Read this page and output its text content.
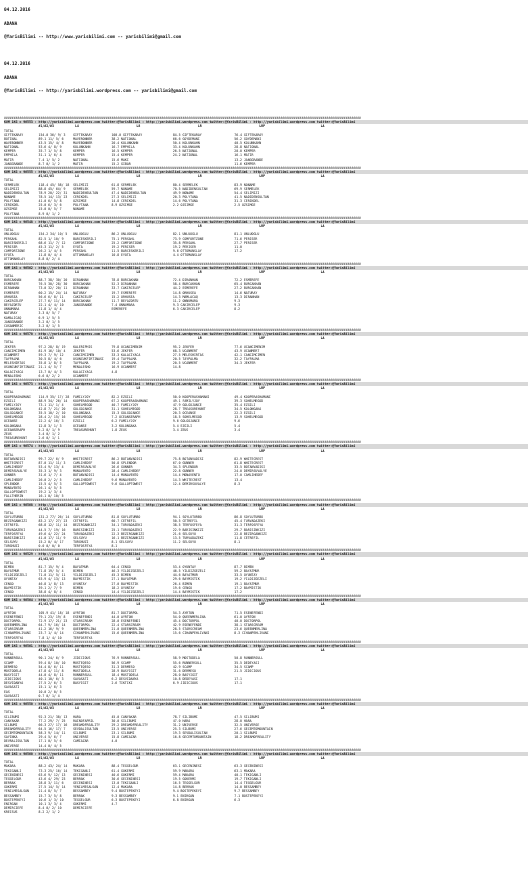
04.12.2016

ADANA

@YarisBilimi -- http://www.yarisbilimi.com -- yarisbilimi@gmail.com

04.12.2016

ADANA

@YarisBilimi -- http://yarisbilimi.wordpress.com -- yarisbilimi@gmail.com

##########################################################################################################################################################################################
KUM 1KG = 96553 : http://yarisbilimi.wordpress.com twitter:@YarisBilimi : http://yarisbilimi.wordpress.com twitter:@YarisBilimi : http://yarisbilimi.wordpress.com twitter:@YarisBilimi
#1/#2/#3           L4                              L8                              LR                              LRP                             LA
TOTAL
GIFTEKARAY        154.0 36/ 9/ 3    GIFTEKARAY          100.0 GIFTEKARAY                84.5 GIFTEKARAY                 76.4 GIFTEKARAY
BOTINAL           89.1 11/ 5/ 6     MAVERONNER          38.2 NATIONAL                   66.6 GOYDEMANI                  56.2 GOYDEMANI
WAVEBONNER        43.5 15/ 4/ 8     MAVEBONNER          20.4 KOLUNKAHN                  50.4 KOLUNKAHN                  40.5 KOLUNKAHN
NATIONAL          53.6 4/ 8/ 9      KOLUNKAHN           16.7 EMPHILA                    33.4 KOLUNKAHN                  28.8 NATIONAL
KEMPER            35.7 1/ 5/ 8      KEMPER              16.5 KEMPER                     26.5 NATIONAL                   20.0 KEMPER
EMPHILA           31.1 1/ 6/ 4      KEMPER              15.4 KEMPER                     24.2 NATIONAL                   16.1 MATIR
MATIR             7.4 1/ 5/ 2       NATIONAL            15.6 MAKI                                                       13.2 JANGGRANDE
JANGGRANDE        8.7 0/ 1/ 2       MATIR               15.2 GIBAR                                                      11.6 KEMPER
##########################################################################################################################################################################################
KUM 1KG = 96555 : http://yarisbilimi.wordpress.com twitter:@YarisBilimi : http://yarisbilimi.wordpress.com twitter:@YarisBilimi : http://yarisbilimi.wordpress.com twitter:@YarisBilimi
#1/#2/#3           L4                              L8                              LR                              LRP                             LA
TOTAL
SERMELEK          118.4 45/ 58/ 18  SELIMIZI            61.8 SERMELEK                   80.4 SERMELEK                   83.9 NONAME
SELIMIZI          88.8 45/ 64/ 9    SERMELEK            59.7 NONAME                     70.5 NADIDENSULTAN              69.9 SERMELEK
NADIDENSULTAN     78.9 20/ 22/ 31   NADIDENSULTAN       47.4 NADIDENSULTAN              49.9 NONAME                     54.4 SELIMIZI
NONAME            78.5 14/ 13/ 23   CERIKDEL            27.3 SELIMIZI                   20.3 POLYTANA                   41.5 NADIDENSULTAN
POLYTANA          41.0 6/ 5/ 8      OZSIMGE             14.8 CERIKDEL                   14.6 POLYTANA                   31.3 CERIKDEL
CERIKDEL          25.0 6/ 3/ 6      POLYTANA            8.9 OZSIMGE                     2.2 OZSIMGE                     2.5 OZSIMGE
OZSIMGE           15.0 0/ 5/ 7      NONAME
POLYTANA          8.9 0/ 1/ 2
##########################################################################################################################################################################################
KUM 1KG = 96548 : http://yarisbilimi.wordpress.com twitter:@YarisBilimi : http://yarisbilimi.wordpress.com twitter:@YarisBilimi : http://yarisbilimi.wordpress.com twitter:@YarisBilimi
#1/#2/#3           L4                              L8                              LR                              LRP                             LA
TOTAL
UNLUOGLU          154.2 34/ 10/ 5   UNLUOGLU            86.2 UNLUOGLU                   82.1 UNLUOGLU                   81.1 UNLUOGLU
PERSAHL           82.5 1/ 10/ 9     BARCESKERILI        75.1 PERSAHL                    73.9 COMFORTZONE                71.6 PERISER
BARCESKERILI      68.6 11/ 7/ 12    COMFORTZONE         25.2 COMFORTZONE                35.8 PERSAHL                    27.7 PERISER
PERISER           45.3 11/ 2/ 5     EYOTA               19.2 PERISER                    19.2 PERISER                    11.0
COMFORTZONE       26.2 1/ 4/ 5      PERSAHL             11.5 BARCESKERILI               9.6 OTTOMANSLAY                 17.2
EYOTA             11.8 0/ 4/ 4      OTTOMANSLAY         10.8 EYOTA                      4.4 OTTOMANSLAY
OTTOMANSLAY       8.8 0/ 2/ 4
##########################################################################################################################################################################################
KUM 1KG = 96562 : http://yarisbilimi.wordpress.com twitter:@YarisBilimi : http://yarisbilimi.wordpress.com twitter:@YarisBilimi : http://yarisbilimi.wordpress.com twitter:@YarisBilimi
#1/#2/#3           L4                              L8                              LR                              LRP                             LA
TOTAL
BURCAKHAN         88.7 38/ 30/ 20   DIRANHAN            78.8 BURCAKHAN                  72.4 DIRANHAN                   72.2 ESMEREFE
ESMEREFE          76.5 30/ 28/ 30   BURCAKHAN           52.3 DIRANHAN                   58.4 BURCAKHAN                  65.4 BURCAKHAN
DIRANHAN          73.0 32/ 20/ 11   DIRANHAN            33.7 CAKIRCELEP                 44.2 ESMEREFE                   27.2 BURCAKHAN
ESMEREFE          60.2 15/ 24/ 14   NATURAY             19.7 ESMEREFE                   14.8 ORHUSEA                    14.6 NATURAY
ORHUSEA           56.6 6/ 8/ 11     CAKIRCELEP          15.2 ORHUSEA                    14.3 MAMLACAQ                   13.3 DIRANHAN
CAKIRCELEP        27.7 6/ 11/ 14    BURCAKHAN           11.7 BEYAZORTU                  11.2 ONNUMARA                   9.3
BEYAZORTU         22.1 4/ 4/ 10     JANGGRANDE          7.4 ONNUMARA                    9.3 CAKIRCELEP                  9.3
ONNUMARA          11.8 1/ 4/ 4                          ESMEREFE                        6.3 CAKIRCELEP                  8.2
NATURAY           3.3 0/ 5/ 7
KAMALICAQ         6.9 1/ 5/ 5
JANGGRANDE        3.2 0/ 1/ 5
CUSANMERIC        3.2 0/ 1/ 5
##########################################################################################################################################################################################
KUM 1KG = 96570 : http://yarisbilimi.wordpress.com twitter:@YarisBilimi : http://yarisbilimi.wordpress.com twitter:@YarisBilimi : http://yarisbilimi.wordpress.com twitter:@YarisBilimi
#1/#2/#3           L4                              L8                              LR                              LRP                             LA
TOTAL
JEKFER            97.2 28/ 8/ 19    KALERIPHIS          79.8 UCANCIMENIM                95.2 JEKFER                     77.6 UCANCIMENIM
CANCIMCIMEN       81.9 16/ 10/ 4    JEKFER              53.6 JEKFER                     68.3 UCANMERT                   43.9 UCANMERT
UCANMERT          59.3 7/ 9/ 12     CANCIMCIMEN         33.3 KALACIYACA                 27.5 MELESHIRTAS                42.1 CANCIMCIMEN
TAYPALMA          30.5 8/ 4/ 6      USUNCUKFIRTINASI    19.4 TAYPALMA                   20.5 TAYPALMA                   32.2 TAYPALMA
MELESHIRTAS       35.8 1/ 8/ 5      TAYPALMA            19.2 TAYPALMA                   20.5 UCANMERT                   34.3 JEKFER
USUNCUKFIRTINASI  21.1 4/ 5/ 7      MENALESHO           16.9 UCANMERT                   14.8
KALACIYACA        13.7 0/ 4/ 3      KALACIYACA          4.8
MENALESHO         6.6 0/ 2/ 2       UCANMERT
##########################################################################################################################################################################################
KUM 1KG = 96573 : http://yarisbilimi.wordpress.com twitter:@YarisBilimi : http://yarisbilimi.wordpress.com twitter:@YarisBilimi : http://yarisbilimi.wordpress.com twitter:@YarisBilimi
#1/#2/#3           L4                              L8                              LR                              LRP                             LA
TOTAL
KOOPERASHAMANI    114.9 35/ 17/ 28  FAMILYJOY           82.2 EZGILI                     50.0 KOOPERASHAMANI             49.4 KOOPERASHAMANI
EZGILI            88.9 34/ 26/ 14   KOOPERASHAMANI      67.2 KOOPERASHAMANI             49.1 FAMILYJOY                  39.3 SOHELMEGOD
FAMILYJOY         73.1 11/ 1/ 4     SOHELMEGOD          40.7 FAMILYJOY                  47.9 GOLGOJANCE                 35.4 EZGILI
KOLONGAKA         42.8 7/ 21/ 20    GOLGOJANCE          31.1 SOHELMEGOD                 28.7 TREASUREHUNT               34.5 KOLONGAKA
GOLGOJANCE        35.5 10/ 2/ 10    KOLONGAKA           15.3 GOLGOJANCE                 20.3 OCEANSE                    22.3 EZGILI
SOHELMEGOD        28.4 2/ 15/ 16    SOHELMEGOD          7.2 OCEANSERAPH                 18.5 SOHELMEGOD                 13.9 SOHELMEGOD
OCEANSE           22.2 4/ 16/ 3     EZGILI              6.2 FAMILYJOY                   9.6 GOLGOJANCE                  9.6
KOLONGAKA         12.8 3/ 1/ 3      OCEANSE             3.2 KOLONGAKA                   5.4 EZGILI                      5.4
OCEANSERAPH       5.2 0/ 1/ 9       TREASUREHUNT        1.8 ZEUS                        3.4 ZEUS                        3.4
ZEUS              3.4 0/ 1/ 2
TREASUREHUNT      2.6 0/ 1/ 1
##########################################################################################################################################################################################
KUM 1KG = 96574 : http://yarisbilimi.wordpress.com twitter:@YarisBilimi : http://yarisbilimi.wordpress.com twitter:@YarisBilimi : http://yarisbilimi.wordpress.com twitter:@YarisBilimi
#1/#2/#3           L4                              L8                              LR                              LRP                             LA
TOTAL
BOTANVADISI       99.7 22/ 6/ 9     WHITECREST          86.2 BOTANVADISI                75.8 BOTANVADISI                82.9 WHITECREST
WHITECREST        87.0 11/ 11/ 3    CAMLIHEDEF          50.8 SPLENDOR                   67.0 GUNNER                     61.8 WHITECREST
CAMLIHEDEF        53.4 9/ 13/ 4     DEMIRSUVALYE        26.6 GUNNER                     34.3 SPLENDOR                   33.5 BOTANVADISI
DEMIRSUVALYE      35.3 1/ 9/ 3      MONAVENTO           28.4 CAMLIHEDEF                 22.8 GUNNER                     24.0 DEMIRSUVALYE
GUNNER            31.6 1/ 7/ 4      BOTANVADISI         14.4 MONAVENTO                  14.4 MONAVENTO                  17.0 CAMLIHEDEF
CAMLIHEDEF        26.0 2/ 2/ 5      CAMLIHEDEF          9.6 MONAVENTO                   14.3 WHITECREST                 13.4
SPLENDOR          15.5 4/ 5/ 3      GALLOPTOWEST        9.6 GALLOPTOWEST                12.4 DEMIRSUVALYE               8.3
MONAVENTO         26.1 4/ 5/ 5
GALLOPTOWEST      19.2 1/ 3/ 4
FALLTHERIN        16.1 0/ 10/ 5
##########################################################################################################################################################################################
KUM 1KG = 96568 : http://yarisbilimi.wordpress.com twitter:@YarisBilimi : http://yarisbilimi.wordpress.com twitter:@YarisBilimi : http://yarisbilimi.wordpress.com twitter:@YarisBilimi
#1/#2/#3           L4                              L8                              LR                              LRP                             LA
TOTAL
SOYLUTURBO        131.2 77/ 26/ 14  SOYLUTURBO          81.8 SOYLUTURBO                 94.1 SOYLUTURBO                 86.8 SOYLUTURBO
BEZIRGANKIZI      83.2 17/ 27/ 23   CETREFIL            60.7 CETREFIL                   50.5 CETREFIL                   45.4 TURVADAZEKI
CETREFIL          68.8 12/ 11/ 14   BEZIRGANKIZI        34.1 TURVADAZEKI                38.5 TERFOSFEYA                 31.3 TERFOSFEYA
TURVADAZEKI       44.5 7/ 19/ 16    BARISINKIZI         25.1 TURVADAZEKI                22.9 BARISINKIZI                29.7 BARISINKIZI
TERFOSFEYA        49.6 4/ 22/ 24    TURVADAZEKI         22.3 BEZIRGANKIZI               21.6 SELSUYU                    22.8 BEZIRGANKIZI
BARISINKIZI       41.0 17/ 11/ 9    SELSUYU             16.1 BEZIRGANKIZI               13.5 TURVADAZEKI                11.8 CETREFIL
SELSUYU           15.2 0/ 4/ 17     TURGHUZI            8.1 SELSUYU                     11.2 SELSUYU                    8.1
TURGHUZI          0.0 0/ 0/ 0       TERFOSFEYA          8.1
##########################################################################################################################################################################################
KUM 1KG = 96529 : http://yarisbilimi.wordpress.com twitter:@YarisBilimi : http://yarisbilimi.wordpress.com twitter:@YarisBilimi : http://yarisbilimi.wordpress.com twitter:@YarisBilimi
#1/#2/#3           L4                              L8                              LR                              LRP                             LA
TOTAL
BIMEN             81.7 15/ 9/ 4     BAYATMUR            64.4 CENGO                      53.4 OYUNTAY                    87.7 BIMEN
BAYATMUR          71.8 19/ 5/ 4     BIMEN               46.3 YILDIZGEZELI               46.5 YILDIZGEZELI               59.2 BAYATMUR
YILDIZGEZELI      71.0 11/ 5/ 11    YILDIZGEZELI        45.3 BIMEN                      44.6 BAYATMUR                   33.5 OYUNTAY
OYUNTAY           63.9 4/ 13/ 13    BAYMISTIK           27.1 BAYATMUR                   29.6 BAYMISTIK                  19.2 YILDIZGEZELI
CENGO             46.8 1/ 8/ 13     OYUNTAY             27.0 BAYMISTIK                  26.4 BIMEN                      19.1 BAYATMUR
BAYMISTIK         39.1 2/ 7/ 9      BIMEN               18.2 OYUNTAY                    19.6 CENGO                      17.2 BAYMISTIK
CENGO             38.8 4/ 8/ 4      CENGO               14.4 YILDIZGEZELI               14.4 BAYMISTIK                  17.2
##########################################################################################################################################################################################
KUM 1KG = 96564 : http://yarisbilimi.wordpress.com twitter:@YarisBilimi : http://yarisbilimi.wordpress.com twitter:@YarisBilimi : http://yarisbilimi.wordpress.com twitter:@YarisBilimi
#1/#2/#3           L4                              L8                              LR                              LRP                             LA
TOTAL
AYRTON            105.9 41/ 18/ 18  AYRTON              81.7 DOCTORPOL                  54.3 AYRTON                     71.5 ESENEFENDI
ESENEFENDI        79.1 23/ 19/ 8    ESENEFENDI          44.0 AYRTON                     54.0 QUEENMERLINA               61.0 AYRTON
DOCTORPOL         72.9 17/ 21/ 23   STARSCREAM          28.0 ESENEFENDI                 45.4 DOCTORPOL                  40.0 DOCTORPOL
QUEENMERLINA      64.7 9/ 16/ 14    DOCTORPOL           22.4 STARSCREAM                 42.9 ESENEFENDI                 38.1 STARSCREAM
STARSCREAM        41.2 16/ 9/ 9     QUEENMERLINA        21.0 QUEENMERLINA               28.5 STARSCREAM                 23.6 QUEENMERLINA
CIHANPEHLIVANI    23.7 1/ 4/ 14     CIHANPEHLIVANI      15.6 QUEENMERLINA               15.6 CIHANPEHLIVANI             8.3 CIHANPEHLIVANI
TERFOSFEYA        7.8 1/ 4/ 10      TERFOSFEYA
##########################################################################################################################################################################################
KUM 1KG = 96561 : http://yarisbilimi.wordpress.com twitter:@YarisBilimi : http://yarisbilimi.wordpress.com twitter:@YarisBilimi : http://yarisbilimi.wordpress.com twitter:@YarisBilimi
#1/#2/#3           L4                              L8                              LR                              LRP                             LA
TOTAL
RUNNERSULL        90.1 24/ 6/ 9     JIDICIOUS           76.9 RUNNERSULL                 58.9 MOSTODELA                  50.8 RUNNERSULL
SCAMP             59.4 8/ 10/ 10    MUSTEQESO           56.9 SCAMP                      55.6 RUNNERSULL                 35.5 DEDEYASI
DERMESO           54.4 8/ 6/ 11     MUSTEQESO           31.3 DERMESO                    42.9 SCAMP                      34.5 SCAMP
MOSTODELA         47.8 4/ 11/ 8     MOSTODELA           28.9 BASYIGIT                   31.6 DERMESO                    21.5 JIDICIOUS
BASYIGIT          44.0 4/ 8/ 11     RUNNERSULL          18.4 MOSTODELA                  28.0 BASYIGIT
JIDICIOUS         40.1 10/ 6/ 3     SAVASATI            6.2 DESVIDANYA                  10.8 DEDEYASI                   17.1
DESVIDANYA        27.5 2/ 6/ 3      BASYIGIT            2.6 TIKTIKI                     6.9 JIDICIOUS                   17.1
SAVASATI          15.1 1/ 6/ 3
EAS               10.0 2/ 0/ 5
SAVASATI          0.7 0/ 1/ 4
##########################################################################################################################################################################################
KUM 1KG = 96550 : http://yarisbilimi.wordpress.com twitter:@YarisBilimi : http://yarisbilimi.wordpress.com twitter:@YarisBilimi : http://yarisbilimi.wordpress.com twitter:@YarisBilimi
#1/#2/#3           L4                              L8                              LR                              LRP                             LA
TOTAL
SILIBUMI          92.3 21/ 38/ 13   HARA                45.0 CANYAKAR                   78.7 SILIBUMI                   47.5 SILIBUMI
CANYAKAR          77.2 29/ 7/ 25    RAINOFAPRIL         30.0 SILIBUMI                   47.0 HARA                       28.0 HARA
SILBUMI           66.3 27/ 17/ 16   DREAMOFREALITY      29.2 DREAMOFREALITY             31.2 UNIVERSE                   32.5 UNIVERSE
DREAMOFREALITY    64.5 16/ 17/ 7    SEVDALISULTAN       23.5 UNIVERSE                   25.3 SILBUMI                    27.6 GECEMTOMOUNTAIN
GECEMTOMOUNTAIN   58.3 9/ 14/ 11    SILBUMI             23.1 SILBUMI                    19.3 SEVDALISULTAN              20.1 SILBUMI
SAYINKA           29.4 5/ 6/ 7      UNIVERSE            15.8 CAMIAZAR                   16.8 GECEMTOMOUNTAIN            18.2 DREAMOFREALITY
DEVRALISULTAN     17.1 0/ 5/ 6      CAMIAZAR            4.0
UNIVERSE          14.4 0/ 4/ 5
##########################################################################################################################################################################################
KUM 1KG = 96560 : http://yarisbilimi.wordpress.com twitter:@YarisBilimi : http://yarisbilimi.wordpress.com twitter:@YarisBilimi : http://yarisbilimi.wordpress.com twitter:@YarisBilimi
#1/#2/#3           L4                              L8                              LR                              LRP                             LA
TOTAL
MAKARA            88.2 43/ 24/ 14   MAKARA              88.4 TEGGELGUR                  63.1 GECENINESI                 63.3 GECENINESI
TEKIGANLI         73.3 25/ 16/ 14   TEKIGANLI           61.4 GOKERMI                    59.9 MAKARA                     63.1 MAKARA
GECENINESI        63.6 9/ 12/ 13    GECENINESI          40.6 GOKERMI                    59.4 MAKARA                     40.1 TEKIGANLI
TEGGELGUR         43.6 4/ 29/ 23    BERRAK              30.6 GECENINESI                 19.5 GOKERMI                    19.7 TEKIGANLI
BERRAK            28.8 3/ 11/ 6     GECENINESI          13.0 TEKIGANLI                  16.5 TEGGELGUR                  14.4 TEGGELGUR
GOKERMI           27.5 14/ 5/ 14    YENILMESALSAN       12.4 MAKARA                     14.8 BERRAK                     14.0 BESSAMBEY
YENILMESALSAN     21.4 8/ 5/ 7      BESSAMBEY           9.4 BOSTEPEKEYI                 9.4 BOSTEPEKEYI                 9.7 BESSAMBEY
BESSAMBEY         15.7 3/ 5/ 8      BERRAK              9.3 BESSAMBEY                   9.1 ENIRGAN                     7.1 BOSTEPEKEYI
BOSTEPEKEYI       10.6 1/ 3/ 10     TEGGELGUR           6.3 BOSTEPEKEYI                 6.8 ENIRGAN                     6.3
ENIRGAN           10.1 3/ 3/ 4      GOKERMI             4.7
DEMIRCIEFE        8.4 0/ 2/ 10      DEMIRCIEFE
KREISUS           8.2 2/ 1/ 2
